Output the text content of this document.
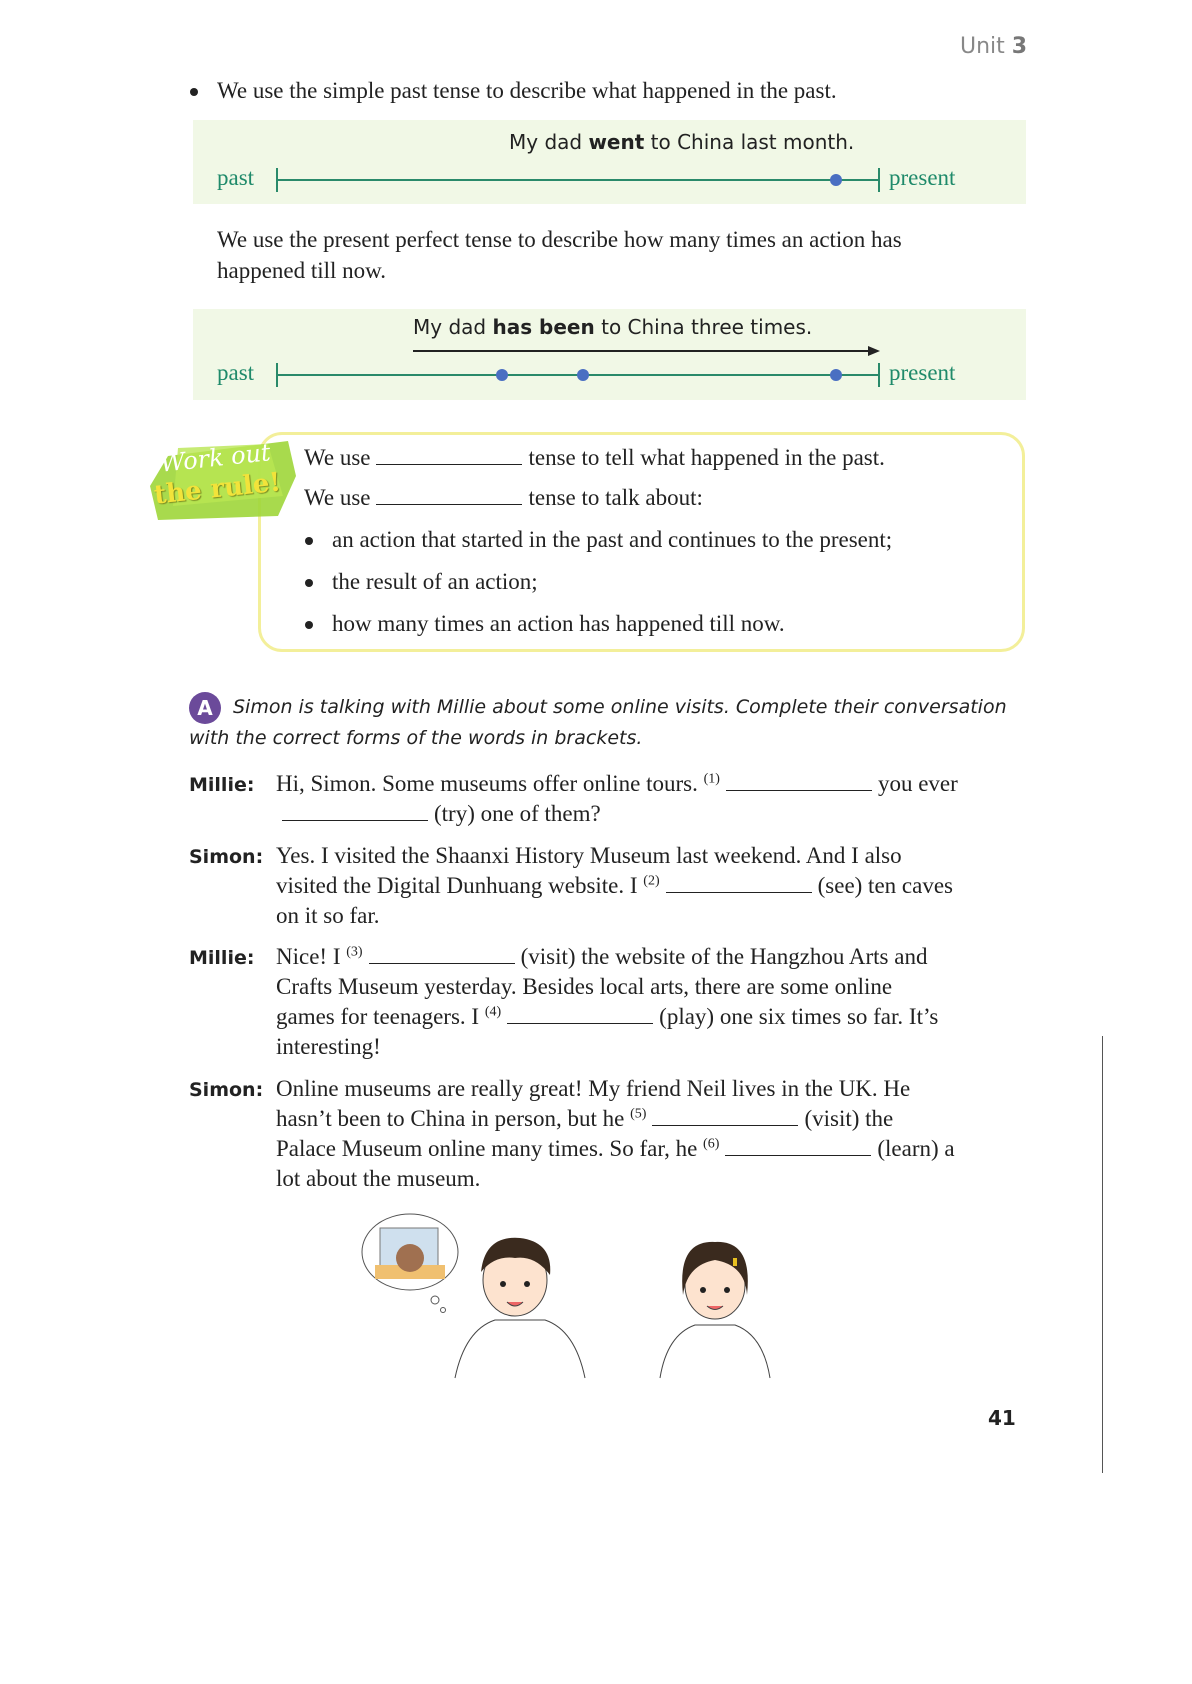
Unit 3
We use the simple past tense to describe what happened in the past.
My dad went to China last month.
past	present
We use the present perfect tense to describe how many times an action has
happened till now.
My dad has been to China three times.
past	present
Work out
the rule!
We use	tense to tell what happened in the past.
We use	tense to talk about:
an action that started in the past and continues to the present;
the result of an action;
how many times an action has happened till now.
A	Simon is talking with Millie about some online visits. Complete their conversation
with the correct forms of the words in brackets.
Millie: Hi, Simon. Some museums offer online tours. $^{(1)}$	you ever
(try) one of them?
Simon: Yes. I visited the Shaanxi History Museum last weekend. And I also
visited the Digital Dunhuang website. I $^{(2)}$	(see) ten caves
on it so far.
Millie: Nice! I $^{(3)}$	(visit) the website of the Hangzhou Arts and
Crafts Museum yesterday. Besides local arts, there are some online
games for teenagers. I $^{(4)}$	(play) one six times so far. It’s
interesting!
Simon: Online museums are really great! My friend Neil lives in the UK. He
hasn’t been to China in person, but he $^{(5)}$	(visit) the
Palace Museum online many times. So far, he $^{(6)}$	(learn) a
lot about the museum.
41
